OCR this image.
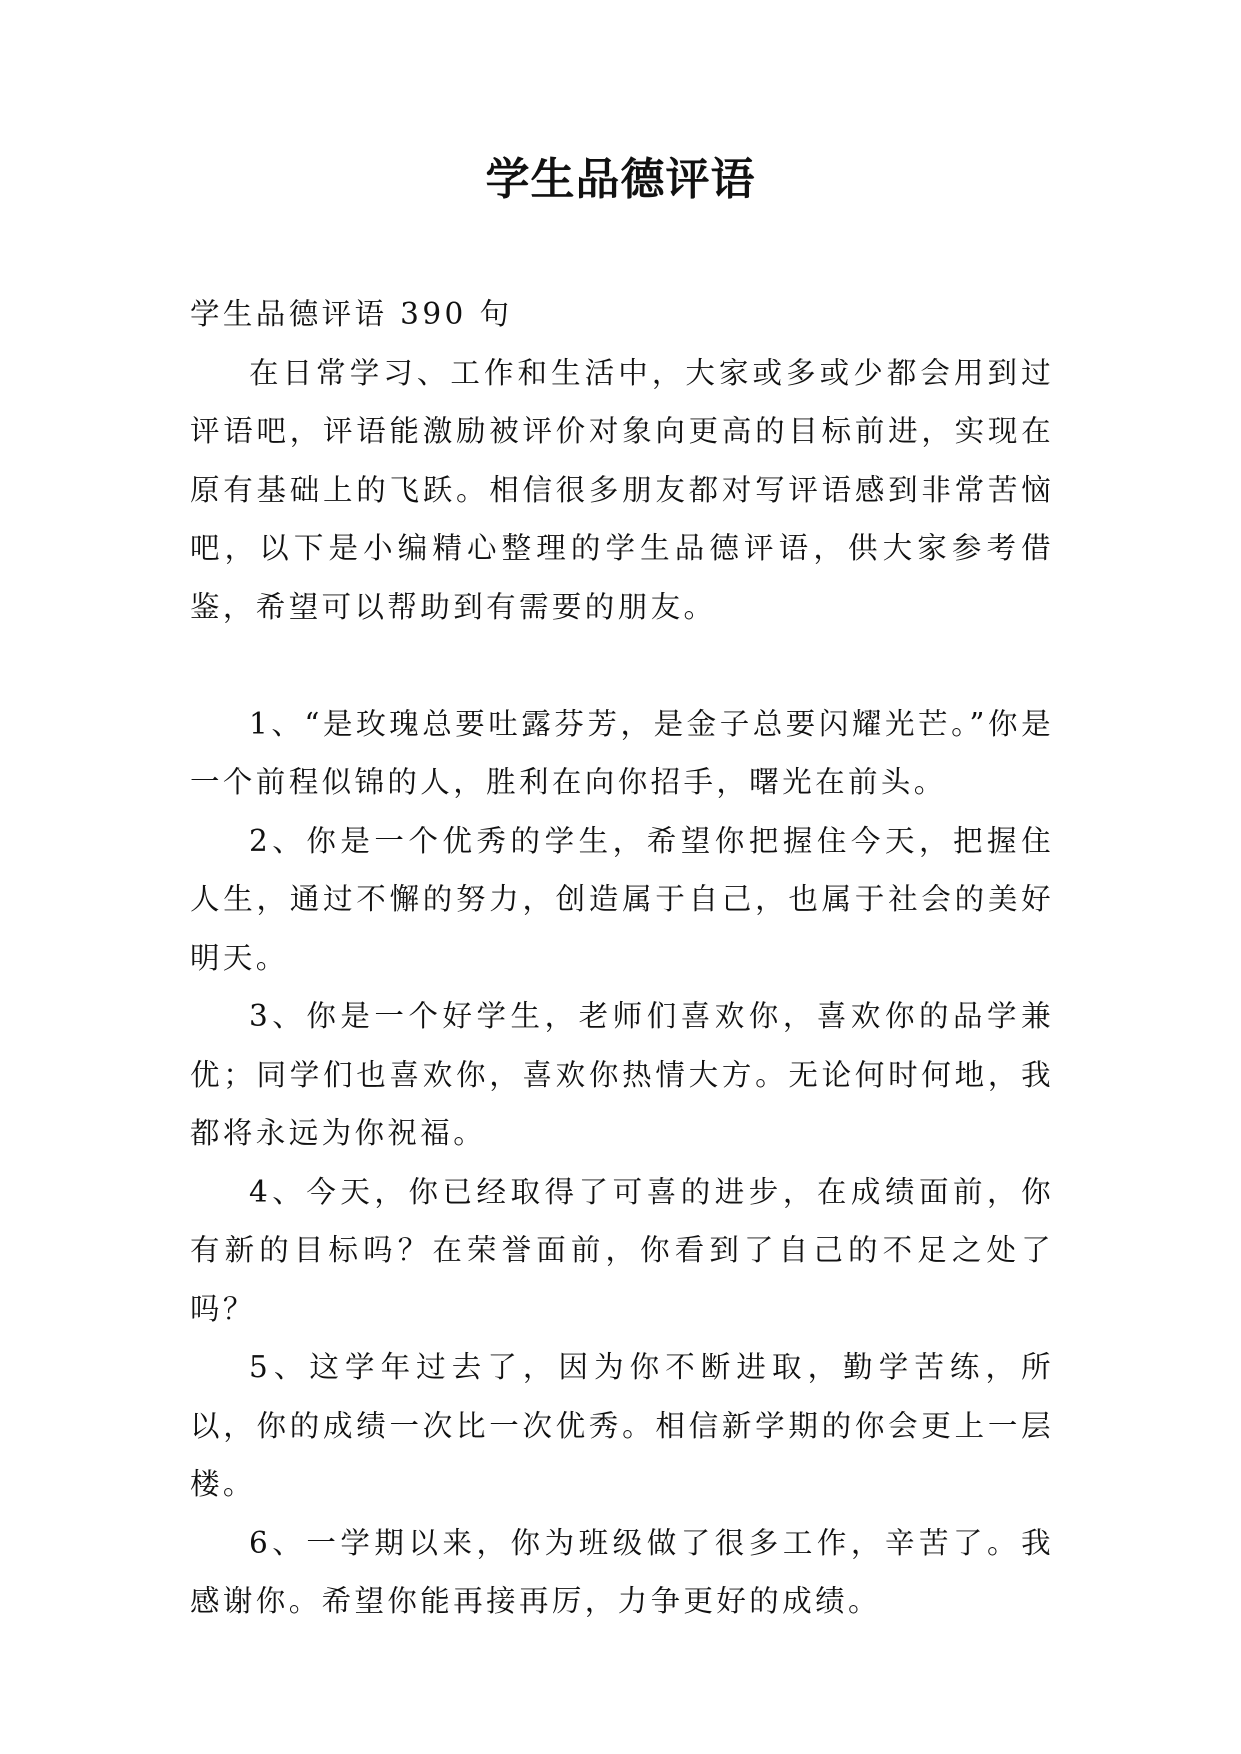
学生品德评语

学生品德评语 390 句

在日常学习、工作和生活中，大家或多或少都会用到过评语吧，评语能激励被评价对象向更高的目标前进，实现在原有基础上的飞跃。相信很多朋友都对写评语感到非常苦恼吧，以下是小编精心整理的学生品德评语，供大家参考借鉴，希望可以帮助到有需要的朋友。

1、“是玫瑰总要吐露芬芳，是金子总要闪耀光芒。”你是一个前程似锦的人，胜利在向你招手，曙光在前头。

2、你是一个优秀的学生，希望你把握住今天，把握住人生，通过不懈的努力，创造属于自己，也属于社会的美好明天。

3、你是一个好学生，老师们喜欢你，喜欢你的品学兼优；同学们也喜欢你，喜欢你热情大方。无论何时何地，我都将永远为你祝福。

4、今天，你已经取得了可喜的进步，在成绩面前，你有新的目标吗？在荣誉面前，你看到了自己的不足之处了吗？

5、这学年过去了，因为你不断进取，勤学苦练，所以，你的成绩一次比一次优秀。相信新学期的你会更上一层楼。

6、一学期以来，你为班级做了很多工作，辛苦了。我感谢你。希望你能再接再厉，力争更好的成绩。
